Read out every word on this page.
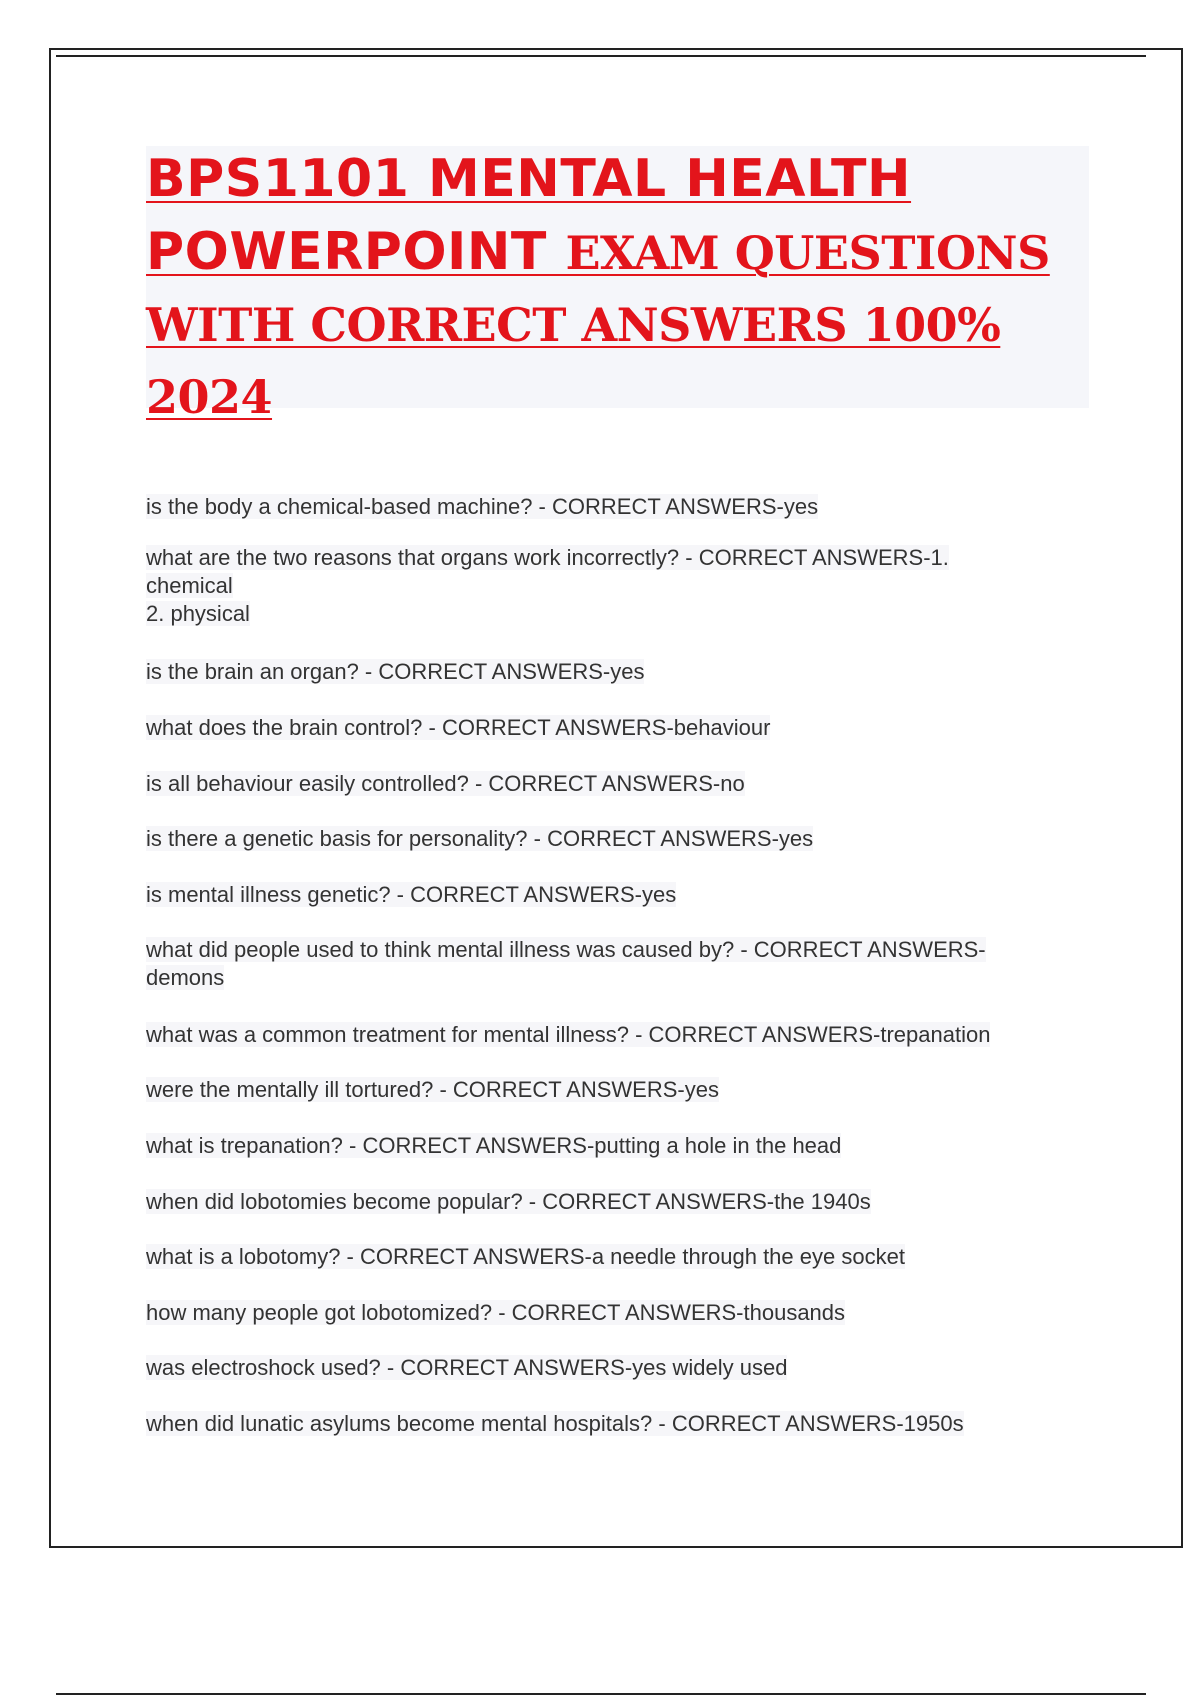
BPS1101 MENTAL HEALTH
POWERPOINT EXAM QUESTIONS
WITH CORRECT ANSWERS 100%
2024
is the body a chemical-based machine? - CORRECT ANSWERS-yes
what are the two reasons that organs work incorrectly? - CORRECT ANSWERS-1.
chemical
2. physical
is the brain an organ? - CORRECT ANSWERS-yes
what does the brain control? - CORRECT ANSWERS-behaviour
is all behaviour easily controlled? - CORRECT ANSWERS-no
is there a genetic basis for personality? - CORRECT ANSWERS-yes
is mental illness genetic? - CORRECT ANSWERS-yes
what did people used to think mental illness was caused by? - CORRECT ANSWERS-
demons
what was a common treatment for mental illness? - CORRECT ANSWERS-trepanation
were the mentally ill tortured? - CORRECT ANSWERS-yes
what is trepanation? - CORRECT ANSWERS-putting a hole in the head
when did lobotomies become popular? - CORRECT ANSWERS-the 1940s
what is a lobotomy? - CORRECT ANSWERS-a needle through the eye socket
how many people got lobotomized? - CORRECT ANSWERS-thousands
was electroshock used? - CORRECT ANSWERS-yes widely used
when did lunatic asylums become mental hospitals? - CORRECT ANSWERS-1950s
